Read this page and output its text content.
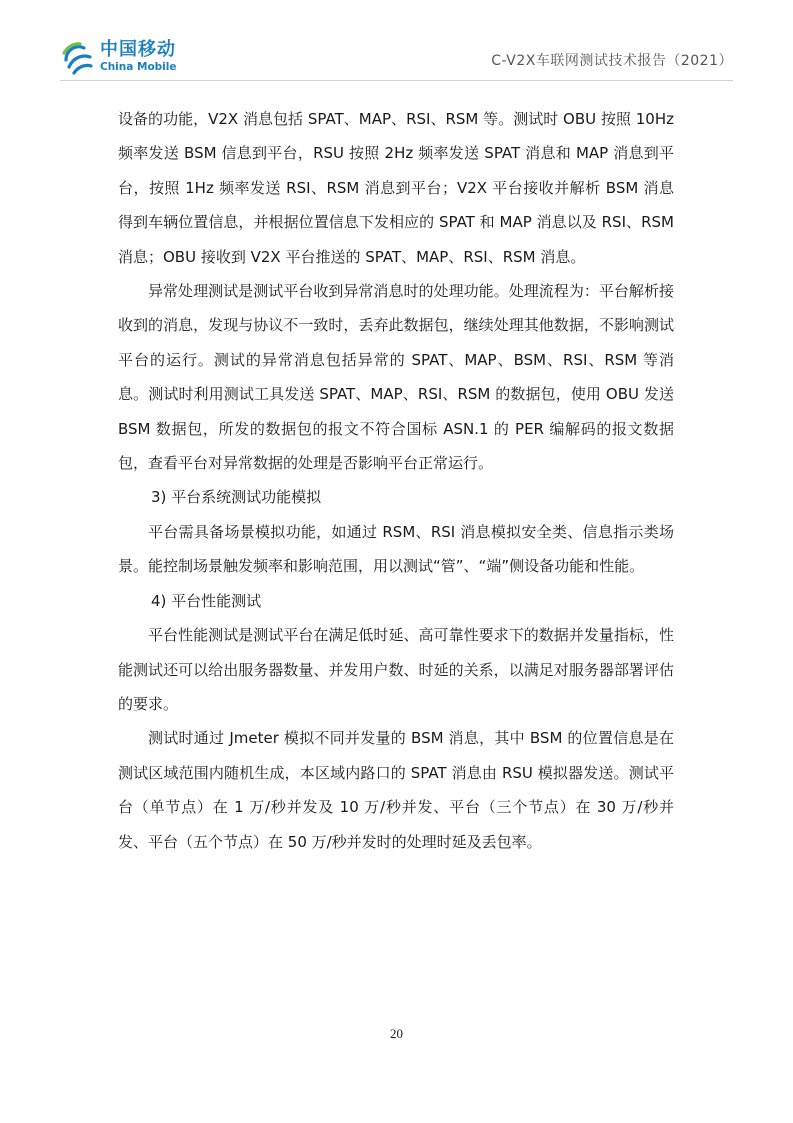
中国移动
China Mobile	C-V2X车联网测试技术报告（2021）

设备的功能，V2X 消息包括 SPAT、MAP、RSI、RSM 等。测试时 OBU 按照 10Hz 频率发送 BSM 信息到平台，RSU 按照 2Hz 频率发送 SPAT 消息和 MAP 消息到平台，按照 1Hz 频率发送 RSI、RSM 消息到平台；V2X 平台接收并解析 BSM 消息得到车辆位置信息，并根据位置信息下发相应的 SPAT 和 MAP 消息以及 RSI、RSM 消息；OBU 接收到 V2X 平台推送的 SPAT、MAP、RSI、RSM 消息。

异常处理测试是测试平台收到异常消息时的处理功能。处理流程为：平台解析接收到的消息，发现与协议不一致时，丢弃此数据包，继续处理其他数据，不影响测试平台的运行。测试的异常消息包括异常的 SPAT、MAP、BSM、RSI、RSM 等消息。测试时利用测试工具发送 SPAT、MAP、RSI、RSM 的数据包，使用 OBU 发送 BSM 数据包，所发的数据包的报文不符合国标 ASN.1 的 PER 编解码的报文数据包，查看平台对异常数据的处理是否影响平台正常运行。

3) 平台系统测试功能模拟

平台需具备场景模拟功能，如通过 RSM、RSI 消息模拟安全类、信息指示类场景。能控制场景触发频率和影响范围，用以测试“管”、“端”侧设备功能和性能。

4) 平台性能测试

平台性能测试是测试平台在满足低时延、高可靠性要求下的数据并发量指标，性能测试还可以给出服务器数量、并发用户数、时延的关系，以满足对服务器部署评估的要求。

测试时通过 Jmeter 模拟不同并发量的 BSM 消息，其中 BSM 的位置信息是在测试区域范围内随机生成，本区域内路口的 SPAT 消息由 RSU 模拟器发送。测试平台（单节点）在 1 万/秒并发及 10 万/秒并发、平台（三个节点）在 30 万/秒并发、平台（五个节点）在 50 万/秒并发时的处理时延及丢包率。

20
